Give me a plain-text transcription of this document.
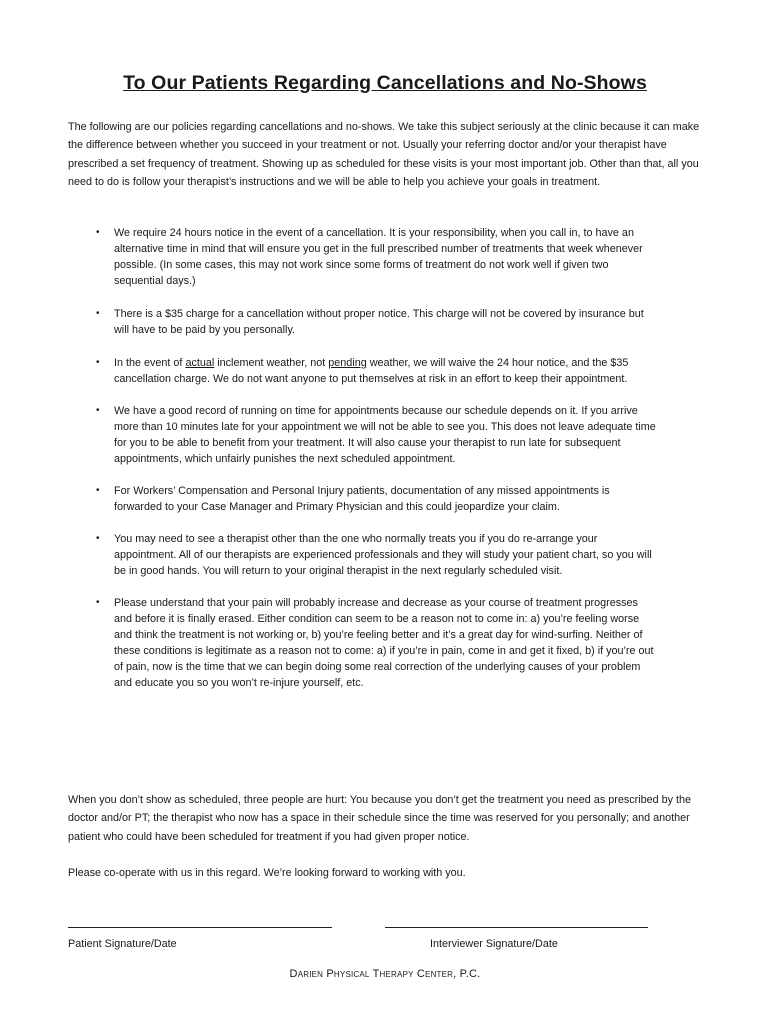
To Our Patients Regarding Cancellations and No-Shows
The following are our policies regarding cancellations and no-shows. We take this subject seriously at the clinic because it can make the difference between whether you succeed in your treatment or not. Usually your referring doctor and/or your therapist have prescribed a set frequency of treatment. Showing up as scheduled for these visits is your most important job. Other than that, all you need to do is follow your therapist’s instructions and we will be able to help you achieve your goals in treatment.
• We require 24 hours notice in the event of a cancellation. It is your responsibility, when you call in, to have an alternative time in mind that will ensure you get in the full prescribed number of treatments that week whenever possible. (In some cases, this may not work since some forms of treatment do not work well if given two sequential days.)
• There is a $35 charge for a cancellation without proper notice. This charge will not be covered by insurance but will have to be paid by you personally.
• In the event of actual inclement weather, not pending weather, we will waive the 24 hour notice, and the $35 cancellation charge. We do not want anyone to put themselves at risk in an effort to keep their appointment.
• We have a good record of running on time for appointments because our schedule depends on it. If you arrive more than 10 minutes late for your appointment we will not be able to see you. This does not leave adequate time for you to be able to benefit from your treatment. It will also cause your therapist to run late for subsequent appointments, which unfairly punishes the next scheduled appointment.
• For Workers’ Compensation and Personal Injury patients, documentation of any missed appointments is forwarded to your Case Manager and Primary Physician and this could jeopardize your claim.
• You may need to see a therapist other than the one who normally treats you if you do re-arrange your appointment. All of our therapists are experienced professionals and they will study your patient chart, so you will be in good hands. You will return to your original therapist in the next regularly scheduled visit.
• Please understand that your pain will probably increase and decrease as your course of treatment progresses and before it is finally erased. Either condition can seem to be a reason not to come in: a) you’re feeling worse and think the treatment is not working or, b) you’re feeling better and it’s a great day for wind-surfing. Neither of these conditions is legitimate as a reason not to come: a) if you’re in pain, come in and get it fixed, b) if you’re out of pain, now is the time that we can begin doing some real correction of the underlying causes of your problem and educate you so you won’t re-injure yourself, etc.
When you don’t show as scheduled, three people are hurt: You because you don’t get the treatment you need as prescribed by the doctor and/or PT; the therapist who now has a space in their schedule since the time was reserved for you personally; and another patient who could have been scheduled for treatment if you had given proper notice.
Please co-operate with us in this regard. We’re looking forward to working with you.
Patient Signature/Date	Interviewer Signature/Date
Darien Physical Therapy Center, P.C.
